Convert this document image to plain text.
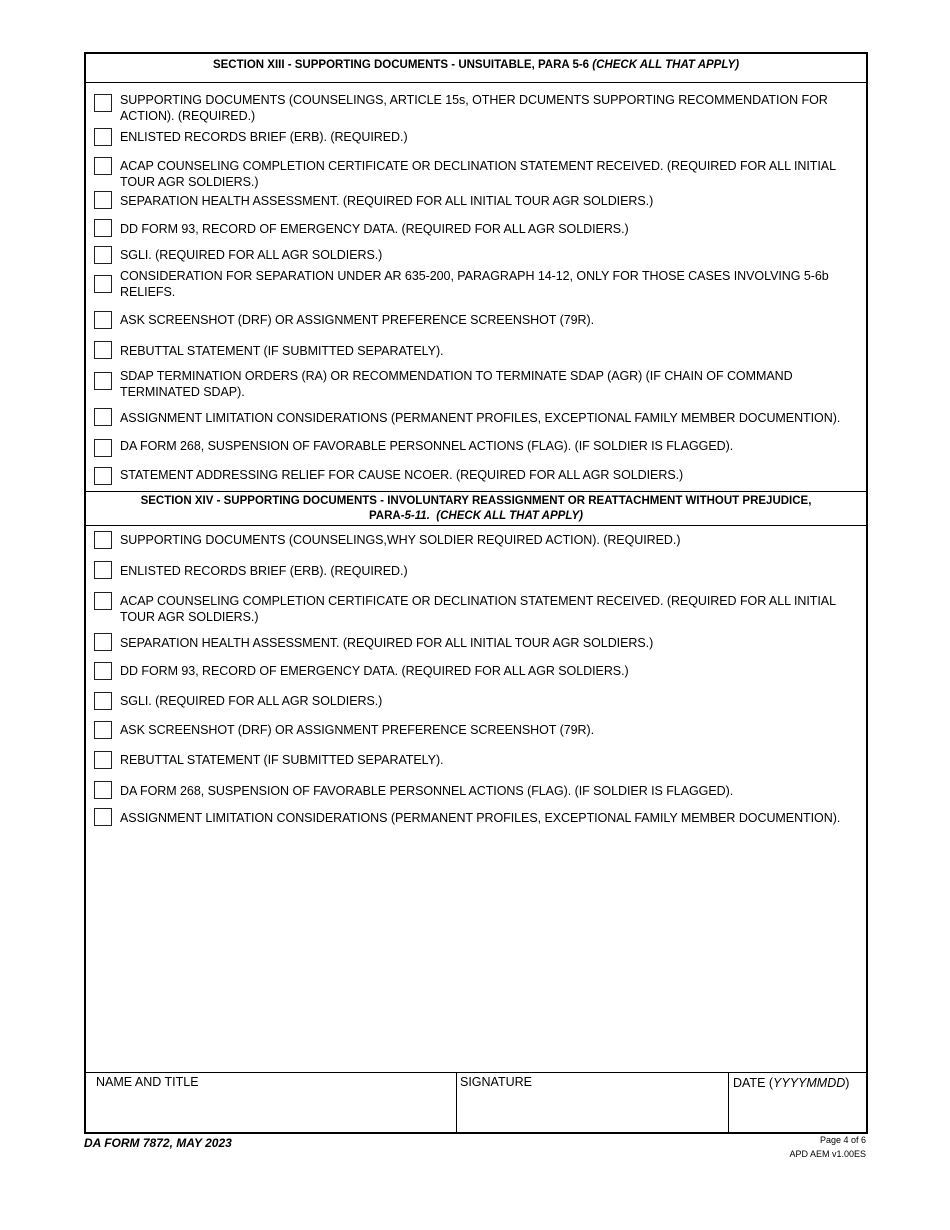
SECTION XIII - SUPPORTING DOCUMENTS - UNSUITABLE, PARA 5-6 (CHECK ALL THAT APPLY)
SUPPORTING DOCUMENTS (COUNSELINGS, ARTICLE 15s, OTHER DCUMENTS SUPPORTING RECOMMENDATION FOR ACTION). (REQUIRED.)
ENLISTED RECORDS BRIEF (ERB). (REQUIRED.)
ACAP COUNSELING COMPLETION CERTIFICATE OR DECLINATION STATEMENT RECEIVED. (REQUIRED FOR ALL INITIAL TOUR AGR SOLDIERS.)
SEPARATION HEALTH ASSESSMENT. (REQUIRED FOR ALL INITIAL TOUR AGR SOLDIERS.)
DD FORM 93, RECORD OF EMERGENCY DATA. (REQUIRED FOR ALL AGR SOLDIERS.)
SGLI. (REQUIRED FOR ALL AGR SOLDIERS.)
CONSIDERATION FOR SEPARATION UNDER AR 635-200, PARAGRAPH 14-12, ONLY FOR THOSE CASES INVOLVING 5-6b RELIEFS.
ASK SCREENSHOT (DRF) OR ASSIGNMENT PREFERENCE SCREENSHOT (79R).
REBUTTAL STATEMENT (IF SUBMITTED SEPARATELY).
SDAP TERMINATION ORDERS (RA) OR RECOMMENDATION TO TERMINATE SDAP (AGR) (IF CHAIN OF COMMAND TERMINATED SDAP).
ASSIGNMENT LIMITATION CONSIDERATIONS (PERMANENT PROFILES, EXCEPTIONAL FAMILY MEMBER DOCUMENTION).
DA FORM 268, SUSPENSION OF FAVORABLE PERSONNEL ACTIONS (FLAG). (IF SOLDIER IS FLAGGED).
STATEMENT ADDRESSING RELIEF FOR CAUSE NCOER. (REQUIRED FOR ALL AGR SOLDIERS.)
SECTION XIV - SUPPORTING DOCUMENTS - INVOLUNTARY REASSIGNMENT OR REATTACHMENT WITHOUT PREJUDICE,
PARA-5-11. (CHECK ALL THAT APPLY)
SUPPORTING DOCUMENTS (COUNSELINGS,WHY SOLDIER REQUIRED ACTION). (REQUIRED.)
ENLISTED RECORDS BRIEF (ERB). (REQUIRED.)
ACAP COUNSELING COMPLETION CERTIFICATE OR DECLINATION STATEMENT RECEIVED. (REQUIRED FOR ALL INITIAL TOUR AGR SOLDIERS.)
SEPARATION HEALTH ASSESSMENT. (REQUIRED FOR ALL INITIAL TOUR AGR SOLDIERS.)
DD FORM 93, RECORD OF EMERGENCY DATA. (REQUIRED FOR ALL AGR SOLDIERS.)
SGLI. (REQUIRED FOR ALL AGR SOLDIERS.)
ASK SCREENSHOT (DRF) OR ASSIGNMENT PREFERENCE SCREENSHOT (79R).
REBUTTAL STATEMENT (IF SUBMITTED SEPARATELY).
DA FORM 268, SUSPENSION OF FAVORABLE PERSONNEL ACTIONS (FLAG). (IF SOLDIER IS FLAGGED).
ASSIGNMENT LIMITATION CONSIDERATIONS (PERMANENT PROFILES, EXCEPTIONAL FAMILY MEMBER DOCUMENTION).
NAME AND TITLE	SIGNATURE	DATE (YYYYMMDD)
DA FORM 7872, MAY 2023	Page 4 of 6
APD AEM v1.00ES
